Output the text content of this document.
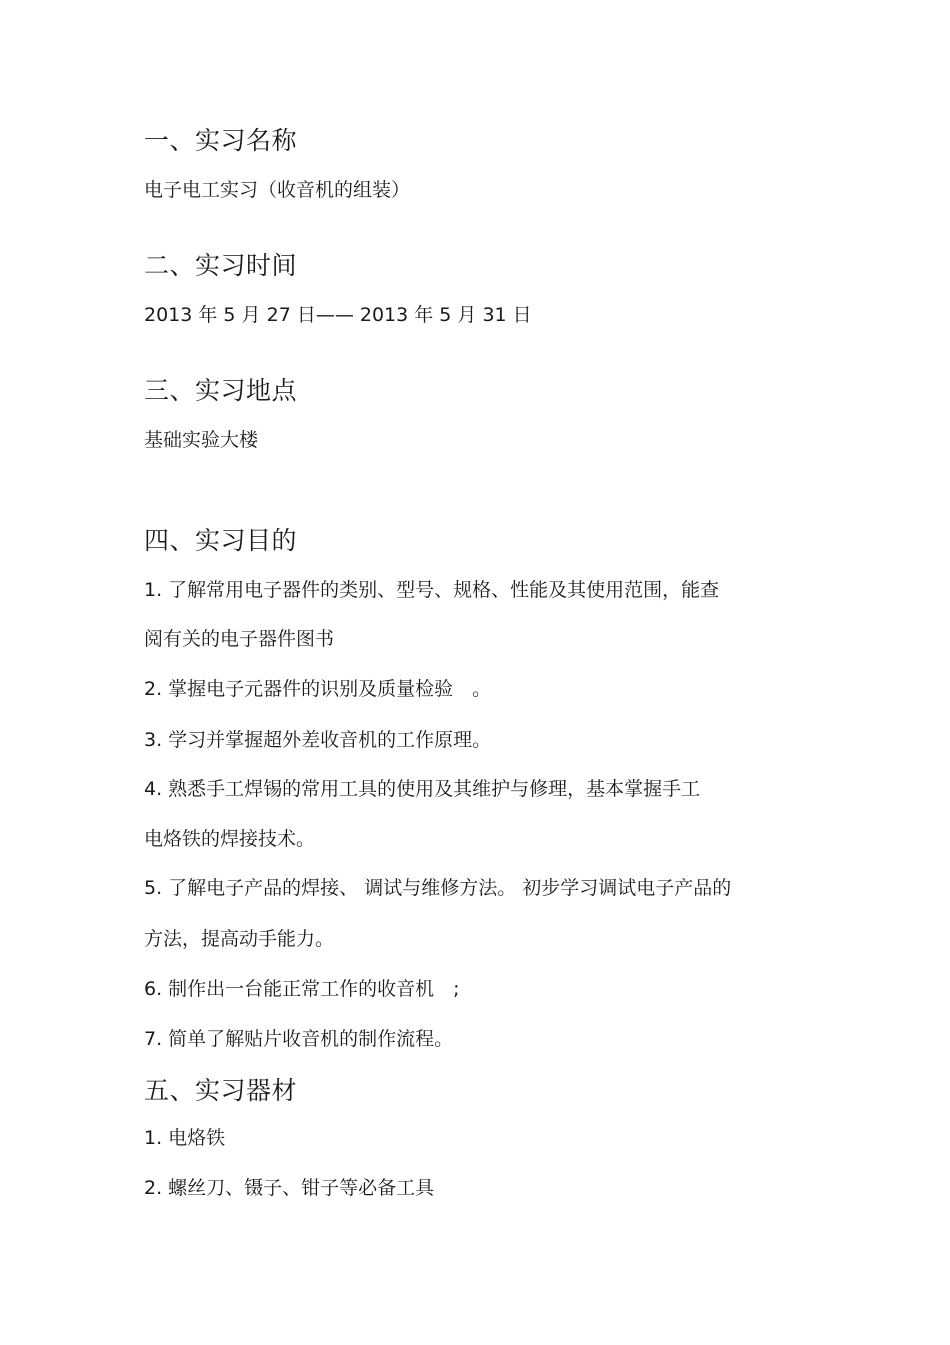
一、实习名称
电子电工实习（收音机的组装）
二、实习时间
2013 年 5 月 27 日—— 2013 年 5 月 31 日
三、实习地点
基础实验大楼
四、实习目的
1. 了解常用电子器件的类别、型号、规格、性能及其使用范围，能查
阅有关的电子器件图书
2. 掌握电子元器件的识别及质量检验　。
3. 学习并掌握超外差收音机的工作原理。
4. 熟悉手工焊锡的常用工具的使用及其维护与修理，基本掌握手工
电烙铁的焊接技术。
5. 了解电子产品的焊接、 调试与维修方法。 初步学习调试电子产品的
方法，提高动手能力。
6. 制作出一台能正常工作的收音机　;
7. 简单了解贴片收音机的制作流程。
五、实习器材
1. 电烙铁
2. 螺丝刀、镊子、钳子等必备工具
